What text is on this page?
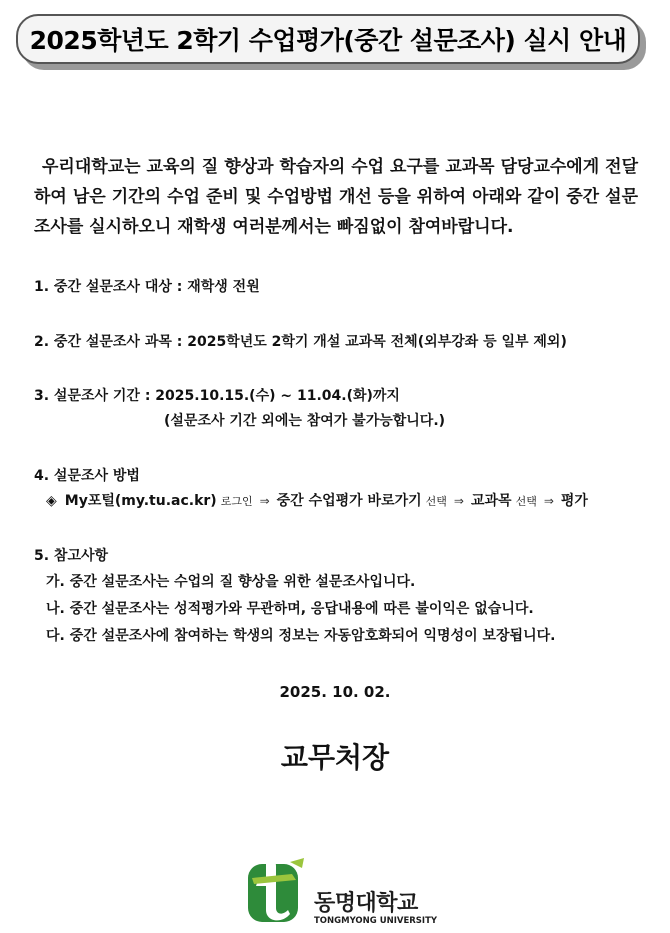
2025학년도 2학기 수업평가(중간 설문조사) 실시 안내
우리대학교는 교육의 질 향상과 학습자의 수업 요구를 교과목 담당교수에게 전달하여 남은 기간의 수업 준비 및 수업방법 개선 등을 위하여 아래와 같이 중간 설문조사를 실시하오니 재학생 여러분께서는 빠짐없이 참여바랍니다.
1. 중간 설문조사 대상 : 재학생 전원
2. 중간 설문조사 과목 : 2025학년도 2학기 개설 교과목 전체(외부강좌 등 일부 제외)
3. 설문조사 기간 : 2025.10.15.(수) ~ 11.04.(화)까지
(설문조사 기간 외에는 참여가 불가능합니다.)
4. 설문조사 방법
◈ My포털(my.tu.ac.kr) 로그인 ⇒ 중간 수업평가 바로가기 선택 ⇒ 교과목 선택 ⇒ 평가
5. 참고사항
가. 중간 설문조사는 수업의 질 향상을 위한 설문조사입니다.
나. 중간 설문조사는 성적평가와 무관하며, 응답내용에 따른 불이익은 없습니다.
다. 중간 설문조사에 참여하는 학생의 정보는 자동암호화되어 익명성이 보장됩니다.
2025. 10. 02.
교무처장
동명대학교
TONGMYONG UNIVERSITY
